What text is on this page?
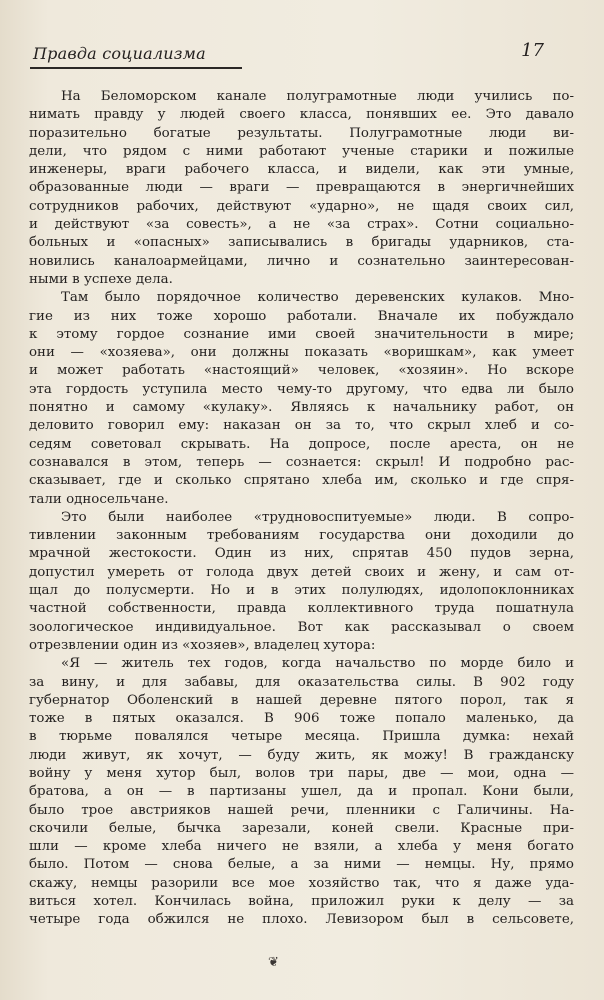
Правда социализма	17
На Беломорском канале полуграмотные люди учились по-
нимать правду у людей своего класса, понявших ее. Это давало
поразительно богатые результаты. Полуграмотные люди ви-
дели, что рядом с ними работают ученые старики и пожилые
инженеры, враги рабочего класса, и видели, как эти умные,
образованные люди — враги — превращаются в энергичнейших
сотрудников рабочих, действуют «ударно», не щадя своих сил,
и действуют «за совесть», а не «за страх». Сотни социально-
больных и «опасных» записывались в бригады ударников, ста-
новились каналоармейцами, лично и сознательно заинтересован-
ными в успехе дела.
Там было порядочное количество деревенских кулаков. Мно-
гие из них тоже хорошо работали. Вначале их побуждало
к этому гордое сознание ими своей значительности в мире;
они — «хозяева», они должны показать «воришкам», как умеет
и может работать «настоящий» человек, «хозяин». Но вскоре
эта гордость уступила место чему-то другому, что едва ли было
понятно и самому «кулаку». Являясь к начальнику работ, он
деловито говорил ему: наказан он за то, что скрыл хлеб и со-
седям советовал скрывать. На допросе, после ареста, он не
сознавался в этом, теперь — сознается: скрыл! И подробно рас-
сказывает, где и сколько спрятано хлеба им, сколько и где спря-
тали односельчане.
Это были наиболее «трудновоспитуемые» люди. В сопро-
тивлении законным требованиям государства они доходили до
мрачной жестокости. Один из них, спрятав 450 пудов зерна,
допустил умереть от голода двух детей своих и жену, и сам от-
щал до полусмерти. Но и в этих полулюдях, идолопоклонниках
частной собственности, правда коллективного труда пошатнула
зоологическое индивидуальное. Вот как рассказывал о своем
отрезвлении один из «хозяев», владелец хутора:
«Я — житель тех годов, когда начальство по морде било и
за вину, и для забавы, для оказательства силы. В 902 году
губернатор Оболенский в нашей деревне пятого порол, так я
тоже в пятых оказался. В 906 тоже попало маленько, да
в тюрьме повалялся четыре месяца. Пришла думка: нехай
люди живут, як хочут, — буду жить, як можу! В гражданску
войну у меня хутор был, волов три пары, две — мои, одна —
братова, а он — в партизаны ушел, да и пропал. Кони были,
было трое австрияков нашей речи, пленники с Галичины. На-
скочили белые, бычка зарезали, коней свели. Красные при-
шли — кроме хлеба ничего не взяли, а хлеба у меня богато
было. Потом — снова белые, а за ними — немцы. Ну, прямо
скажу, немцы разорили все мое хозяйство так, что я даже уда-
виться хотел. Кончилась война, приложил руки к делу — за
четыре года обжился не плохо. Левизором был в сельсовете,
❦
